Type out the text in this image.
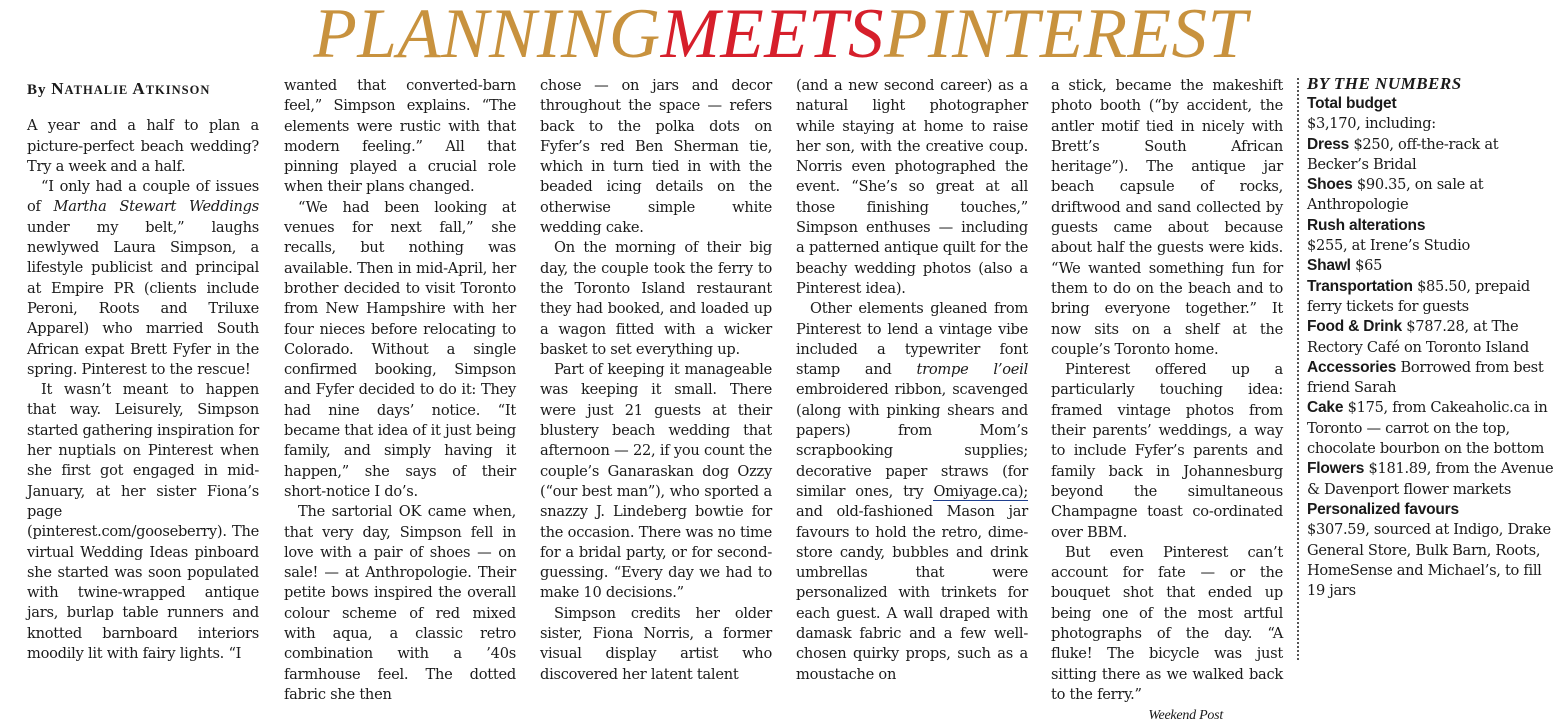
PLANNINGMEETSPINTEREST
By NATHALIE ATKINSON

A year and a half to plan a picture-perfect beach wedding? Try a week and a half.

“I only had a couple of issues of Martha Stewart Weddings under my belt,” laughs newlywed Laura Simpson, a lifestyle publicist and principal at Empire PR (clients include Peroni, Roots and Triluxe Apparel) who married South African expat Brett Fyfer in the spring. Pinterest to the rescue!

It wasn’t meant to happen that way. Leisurely, Simpson started gathering inspiration for her nuptials on Pinterest when she first got engaged in mid-January, at her sister Fiona’s page (pinterest.com/gooseberry). The virtual Wedding Ideas pinboard she started was soon populated with twine-wrapped antique jars, burlap table runners and knotted barnboard interiors moodily lit with fairy lights. “I

wanted that converted-barn feel,” Simpson explains. “The elements were rustic with that modern feeling.” All that pinning played a crucial role when their plans changed.

“We had been looking at venues for next fall,” she recalls, but nothing was available. Then in mid-April, her brother decided to visit Toronto from New Hampshire with her four nieces before relocating to Colorado. Without a single confirmed booking, Simpson and Fyfer decided to do it: They had nine days’ notice. “It became that idea of it just being family, and simply having it happen,” she says of their short-notice I do’s.

The sartorial OK came when, that very day, Simpson fell in love with a pair of shoes — on sale! — at Anthropologie. Their petite bows inspired the overall colour scheme of red mixed with aqua, a classic retro combination with a ’40s farmhouse feel. The dotted fabric she then

chose — on jars and decor throughout the space — refers back to the polka dots on Fyfer’s red Ben Sherman tie, which in turn tied in with the beaded icing details on the otherwise simple white wedding cake.

On the morning of their big day, the couple took the ferry to the Toronto Island restaurant they had booked, and loaded up a wagon fitted with a wicker basket to set everything up.

Part of keeping it manageable was keeping it small. There were just 21 guests at their blustery beach wedding that afternoon — 22, if you count the couple’s Ganaraskan dog Ozzy (“our best man”), who sported a snazzy J. Lindeberg bowtie for the occasion. There was no time for a bridal party, or for second-guessing. “Every day we had to make 10 decisions.”

Simpson credits her older sister, Fiona Norris, a former visual display artist who discovered her latent talent

(and a new second career) as a natural light photographer while staying at home to raise her son, with the creative coup. Norris even photographed the event. “She’s so great at all those finishing touches,” Simpson enthuses — including a patterned antique quilt for the beachy wedding photos (also a Pinterest idea).

Other elements gleaned from Pinterest to lend a vintage vibe included a typewriter font stamp and trompe l’oeil embroidered ribbon, scavenged (along with pinking shears and papers) from Mom’s scrapbooking supplies; decorative paper straws (for similar ones, try Omiyage.ca); and old-fashioned Mason jar favours to hold the retro, dime-store candy, bubbles and drink umbrellas that were personalized with trinkets for each guest. A wall draped with damask fabric and a few well-chosen quirky props, such as a moustache on

a stick, became the makeshift photo booth (“by accident, the antler motif tied in nicely with Brett’s South African heritage”). The antique jar beach capsule of rocks, driftwood and sand collected by guests came about because about half the guests were kids. “We wanted something fun for them to do on the beach and to bring everyone together.” It now sits on a shelf at the couple’s Toronto home.

Pinterest offered up a particularly touching idea: framed vintage photos from their parents’ weddings, a way to include Fyfer’s parents and family back in Johannesburg beyond the simultaneous Champagne toast co-ordinated over BBM.

But even Pinterest can’t account for fate — or the bouquet shot that ended up being one of the most artful photographs of the day. “A fluke! The bicycle was just sitting there as we walked back to the ferry.”

Weekend Post
BY THE NUMBERS

Total budget
$3,170, including:

Dress $250, off-the-rack at Becker’s Bridal

Shoes $90.35, on sale at Anthropologie

Rush alterations
$255, at Irene’s Studio

Shawl $65

Transportation $85.50, prepaid ferry tickets for guests

Food & Drink $787.28, at The Rectory Café on Toronto Island

Accessories Borrowed from best friend Sarah

Cake $175, from Cakeaholic.ca in Toronto — carrot on the top, chocolate bourbon on the bottom

Flowers $181.89, from the Avenue & Davenport flower markets

Personalized favours
$307.59, sourced at Indigo, Drake General Store, Bulk Barn, Roots, HomeSense and Michael’s, to fill 19 jars
